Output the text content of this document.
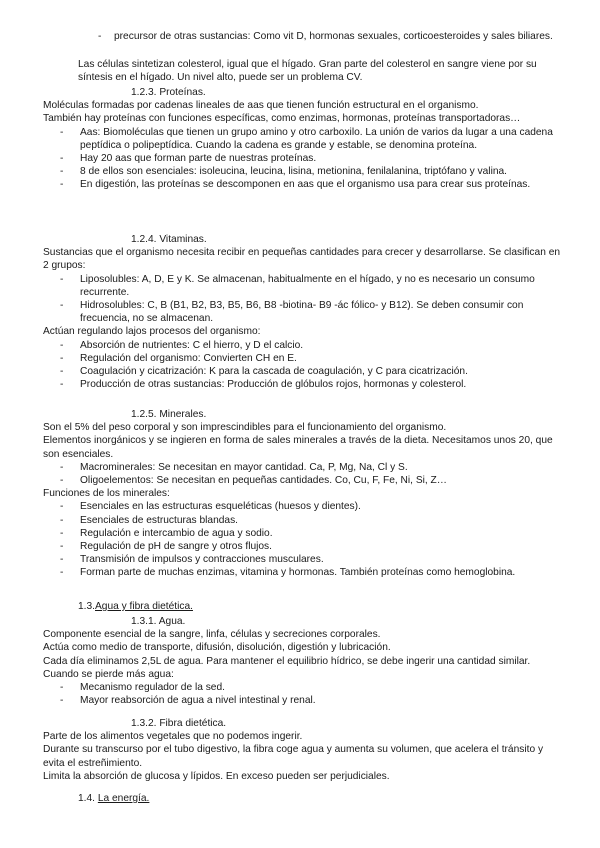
- precursor de otras sustancias: Como vit D, hormonas sexuales, corticoesteroides y sales biliares.

Las células sintetizan colesterol, igual que el hígado. Gran parte del colesterol en sangre viene por su síntesis en el hígado. Un nivel alto, puede ser un problema CV.

1.2.3. Proteínas.

Moléculas formadas por cadenas lineales de aas que tienen función estructural en el organismo.

También hay proteínas con funciones específicas, como enzimas, hormonas, proteínas transportadoras…

- Aas: Biomoléculas que tienen un grupo amino y otro carboxilo. La unión de varios da lugar a una cadena peptídica o polipeptídica. Cuando la cadena es grande y estable, se denomina proteína.
- Hay 20 aas que forman parte de nuestras proteínas.
- 8 de ellos son esenciales: isoleucina, leucina, lisina, metionina, fenilalanina, triptófano y valina.
- En digestión, las proteínas se descomponen en aas que el organismo usa para crear sus proteínas.

1.2.4. Vitaminas.

Sustancias que el organismo necesita recibir en pequeñas cantidades para crecer y desarrollarse. Se clasifican en 2 grupos:

- Liposolubles: A, D, E y K. Se almacenan, habitualmente en el hígado, y no es necesario un consumo recurrente.
- Hidrosolubles: C, B (B1, B2, B3, B5, B6, B8 -biotina- B9 -ác fólico- y B12). Se deben consumir con frecuencia, no se almacenan.

Actúan regulando lajos procesos del organismo:

- Absorción de nutrientes: C el hierro, y D el calcio.
- Regulación del organismo: Convierten CH en E.
- Coagulación y cicatrización: K para la cascada de coagulación, y C para cicatrización.
- Producción de otras sustancias: Producción de glóbulos rojos, hormonas y colesterol.

1.2.5. Minerales.

Son el 5% del peso corporal y son imprescindibles para el funcionamiento del organismo.

Elementos inorgánicos y se ingieren en forma de sales minerales a través de la dieta. Necesitamos unos 20, que son esenciales.

- Macrominerales: Se necesitan en mayor cantidad. Ca, P, Mg, Na, Cl y S.
- Oligoelementos: Se necesitan en pequeñas cantidades. Co, Cu, F, Fe, Ni, Si, Z…

Funciones de los minerales:

- Esenciales en las estructuras esqueléticas (huesos y dientes).
- Esenciales de estructuras blandas.
- Regulación e intercambio de agua y sodio.
- Regulación de pH de sangre y otros flujos.
- Transmisión de impulsos y contracciones musculares.
- Forman parte de muchas enzimas, vitamina y hormonas. También proteínas como hemoglobina.

1.3.Agua y fibra dietética.

1.3.1. Agua.

Componente esencial de la sangre, linfa, células y secreciones corporales.

Actúa como medio de transporte, difusión, disolución, digestión y lubricación.

Cada día eliminamos 2,5L de agua. Para mantener el equilibrio hídrico, se debe ingerir una cantidad similar. Cuando se pierde más agua:

- Mecanismo regulador de la sed.
- Mayor reabsorción de agua a nivel intestinal y renal.

1.3.2. Fibra dietética.

Parte de los alimentos vegetales que no podemos ingerir.

Durante su transcurso por el tubo digestivo, la fibra coge agua y aumenta su volumen, que acelera el tránsito y evita el estreñimiento.

Limita la absorción de glucosa y lípidos. En exceso pueden ser perjudiciales.

1.4. La energía.
